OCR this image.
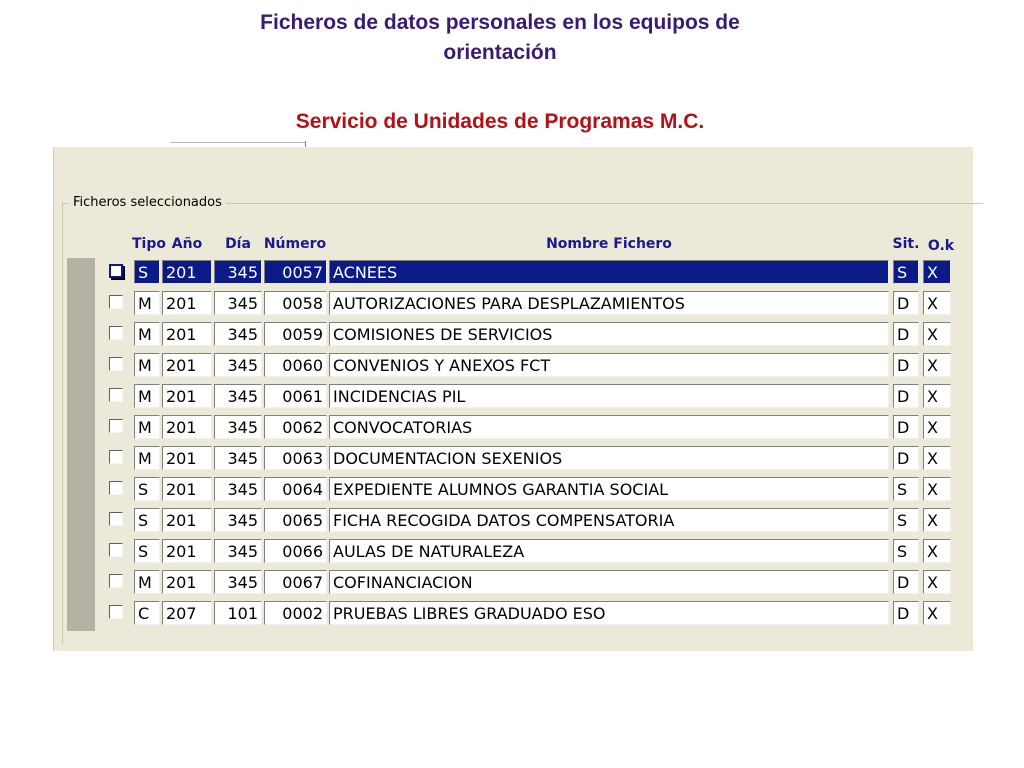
Ficheros de datos personales en los equipos de
orientación
Servicio de Unidades de Programas M.C.
Ficheros seleccionados
Tipo Año Día Número	Nombre Fichero	Sit. O.k
S	201	345	0057 ACNEES	S	X
M 201	345	0058 AUTORIZACIONES PARA DESPLAZAMIENTOS	D	X
M 201	345	0059 COMISIONES DE SERVICIOS	D	X
M 201	345	0060 CONVENIOS Y ANEXOS FCT	D	X
M 201	345	0061 INCIDENCIAS PIL	D	X
M 201	345	0062 CONVOCATORIAS	D	X
M 201	345	0063 DOCUMENTACION SEXENIOS	D	X
S	201	345	0064 EXPEDIENTE ALUMNOS GARANTIA SOCIAL	S	X
S	201	345	0065 FICHA RECOGIDA DATOS COMPENSATORIA	S	X
S	201	345	0066 AULAS DE NATURALEZA	S	X
M 201	345	0067 COFINANCIACION	D	X
C	207	101	0002 PRUEBAS LIBRES GRADUADO ESO	D	X
